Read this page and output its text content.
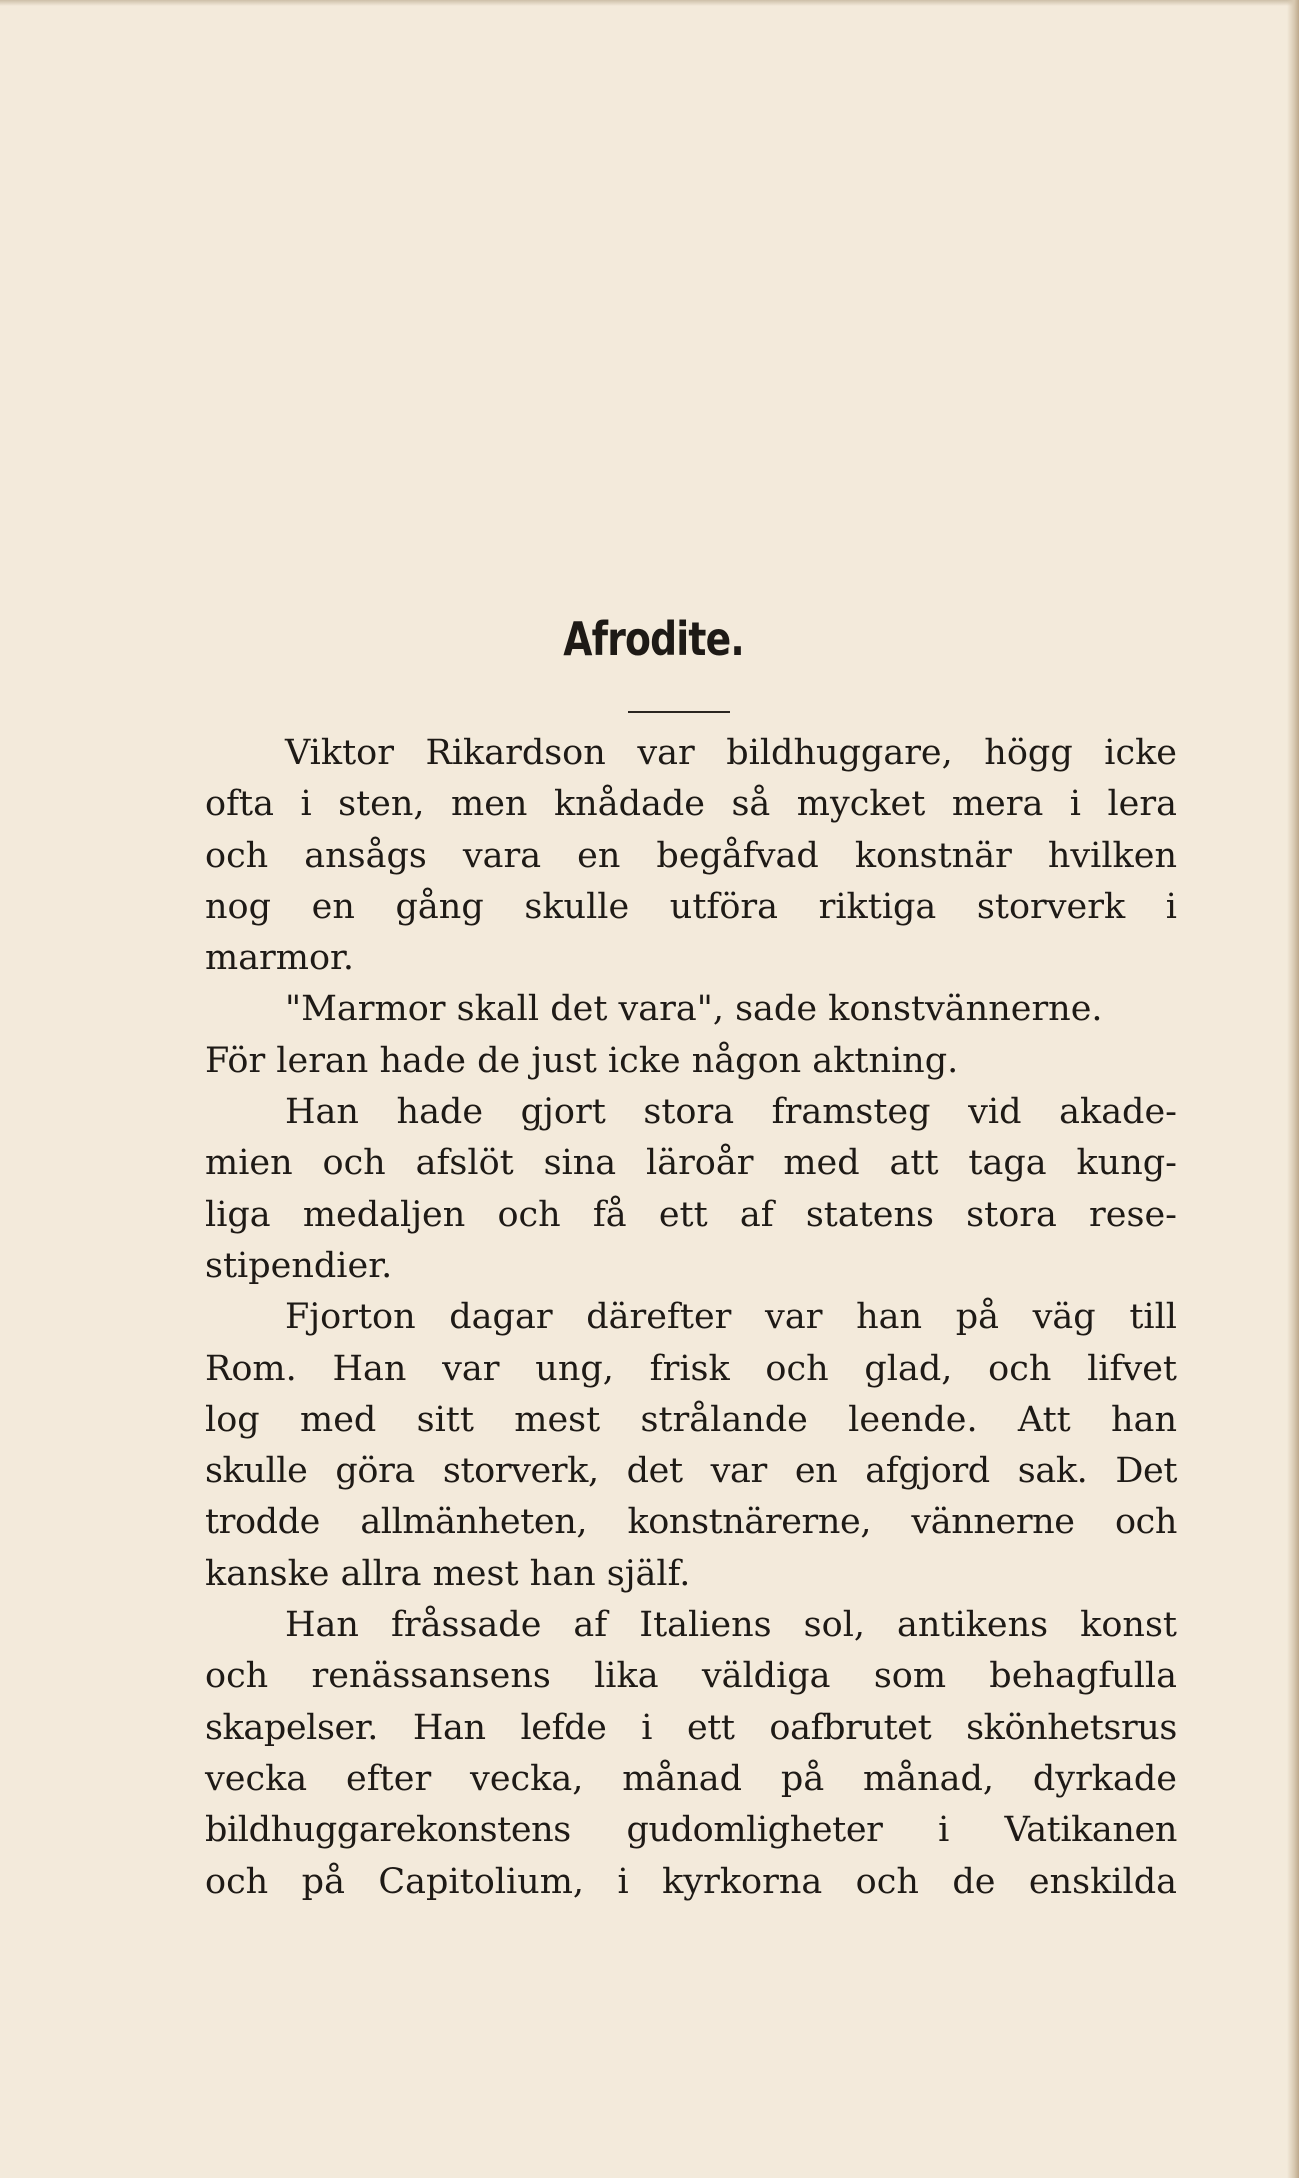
Afrodite.
Viktor Rikardson var bildhuggare, högg icke
ofta i sten, men knådade så mycket mera i lera
och ansågs vara en begåfvad konstnär hvilken
nog en gång skulle utföra riktiga storverk i
marmor.
"Marmor skall det vara", sade konstvännerne.
För leran hade de just icke någon aktning.
Han hade gjort stora framsteg vid akade-
mien och afslöt sina läroår med att taga kung-
liga medaljen och få ett af statens stora rese-
stipendier.
Fjorton dagar därefter var han på väg till
Rom. Han var ung, frisk och glad, och lifvet
log med sitt mest strålande leende. Att han
skulle göra storverk, det var en afgjord sak. Det
trodde allmänheten, konstnärerne, vännerne och
kanske allra mest han själf.
Han fråssade af Italiens sol, antikens konst
och renässansens lika väldiga som behagfulla
skapelser. Han lefde i ett oafbrutet skönhetsrus
vecka efter vecka, månad på månad, dyrkade
bildhuggarekonstens gudomligheter i Vatikanen
och på Capitolium, i kyrkorna och de enskilda
